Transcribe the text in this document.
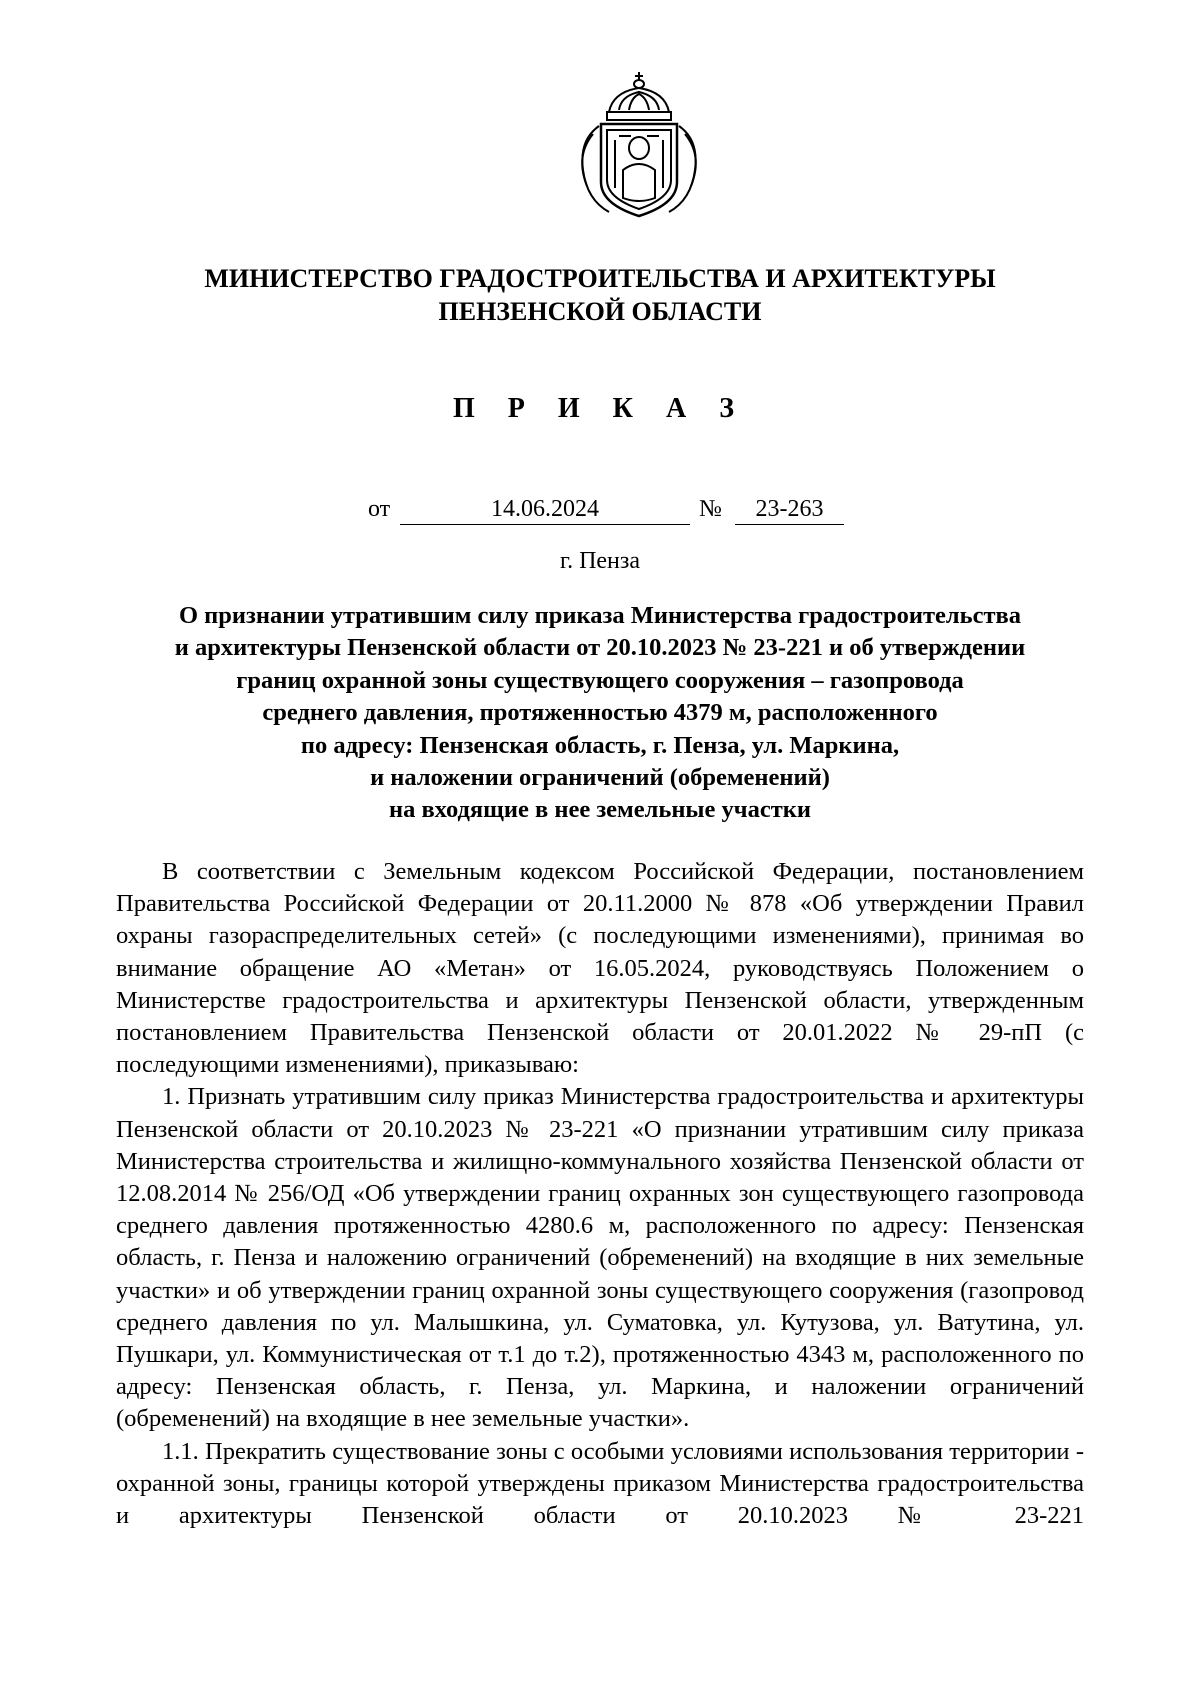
МИНИСТЕРСТВО ГРАДОСТРОИТЕЛЬСТВА И АРХИТЕКТУРЫ
ПЕНЗЕНСКОЙ ОБЛАСТИ
П Р И К А З
от	14.06.2024	№	23-263
г. Пенза
О признании утратившим силу приказа Министерства градостроительства
и архитектуры Пензенской области от 20.10.2023 № 23-221 и об утверждении
границ охранной зоны существующего сооружения – газопровода
среднего давления, протяженностью 4379 м, расположенного
по адресу: Пензенская область, г. Пенза, ул. Маркина,
и наложении ограничений (обременений)
на входящие в нее земельные участки

В соответствии с Земельным кодексом Российской Федерации, постановлением Правительства Российской Федерации от 20.11.2000 № 878 «Об утверждении Правил охраны газораспределительных сетей» (с последующими изменениями), принимая во внимание обращение АО «Метан» от 16.05.2024, руководствуясь Положением о Министерстве градостроительства и архитектуры Пензенской области, утвержденным постановлением Правительства Пензенской области от 20.01.2022 № 29-пП (с последующими изменениями), приказываю:

1. Признать утратившим силу приказ Министерства градостроительства и архитектуры Пензенской области от 20.10.2023 № 23-221 «О признании утратившим силу приказа Министерства строительства и жилищно-коммунального хозяйства Пензенской области от 12.08.2014 № 256/ОД «Об утверждении границ охранных зон существующего газопровода среднего давления протяженностью 4280.6 м, расположенного по адресу: Пензенская область, г. Пенза и наложению ограничений (обременений) на входящие в них земельные участки» и об утверждении границ охранной зоны существующего сооружения (газопровод среднего давления по ул. Малышкина, ул. Суматовка, ул. Кутузова, ул. Ватутина, ул. Пушкари, ул. Коммунистическая от т.1 до т.2), протяженностью 4343 м, расположенного по адресу: Пензенская область, г. Пенза, ул. Маркина, и наложении ограничений (обременений) на входящие в нее земельные участки».

1.1. Прекратить существование зоны с особыми условиями использования территории - охранной зоны, границы которой утверждены приказом Министерства градостроительства и архитектуры Пензенской области от 20.10.2023 № 23-221
